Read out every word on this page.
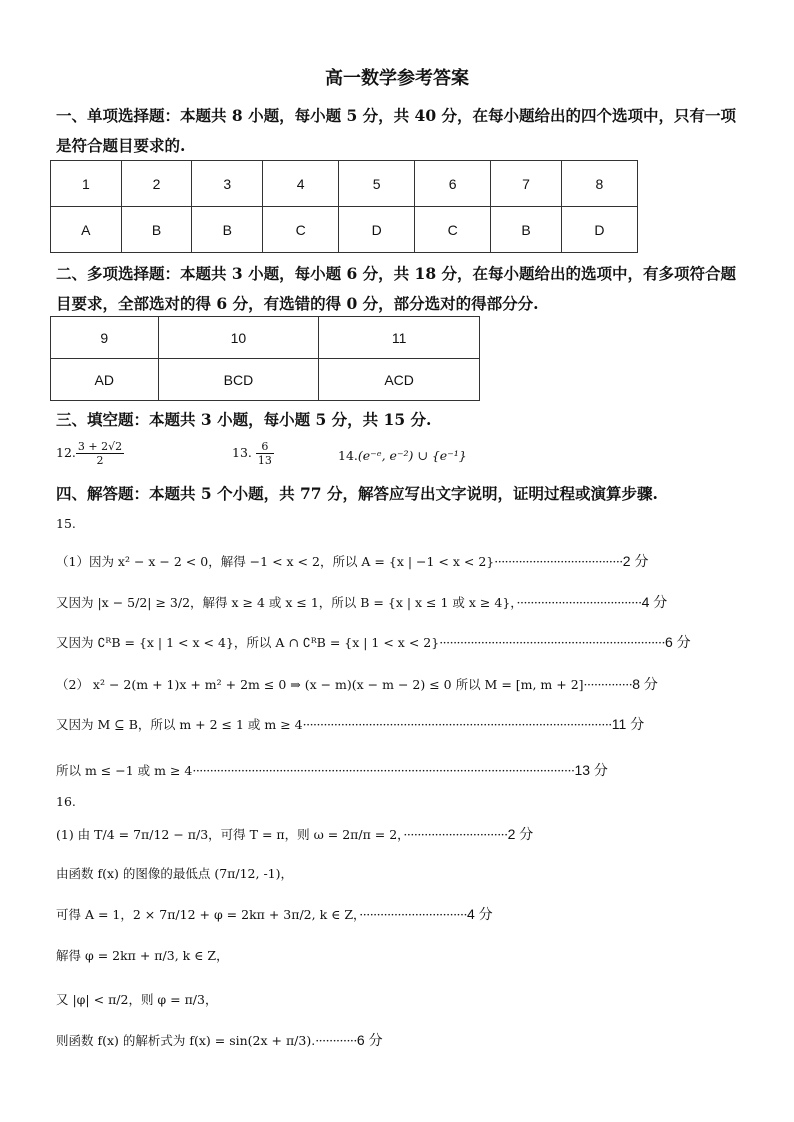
高一数学参考答案
一、单项选择题：本题共 8 小题，每小题 5 分，共 40 分，在每小题给出的四个选项中，只有一项
是符合题目要求的.
1	2	3	4	5	6	7	8
A	B	B	C	D	C	B	D
二、多项选择题：本题共 3 小题，每小题 6 分，共 18 分，在每小题给出的选项中，有多项符合题
目要求，全部选对的得 6 分，有选错的得 0 分，部分选对的得部分分.
9	10	11
AD	BCD	ACD
三、填空题：本题共 3 小题，每小题 5 分，共 15 分.
12. $\frac{3 + 2√2}{2}$	13. $\frac{6}{13}$	14.(e⁻ᵉ, e⁻²) ∪ {e⁻¹}
四、解答题：本题共 5 个小题，共 77 分，解答应写出文字说明，证明过程或演算步骤.
15.
（1）因为 x² − x − 2 < 0，解得 −1 < x < 2，所以 A = {x | −1 < x < 2}·····································2 分
又因为 |x − 5/2| ≥ 3/2，解得 x ≥ 4 或 x ≤ 1，所以 B = {x | x ≤ 1 或 x ≥ 4}，····································4 分
又因为 ∁ᴿB = {x | 1 < x < 4}，所以 A ∩ ∁ᴿB = {x | 1 < x < 2}·································································6 分
（2） x² − 2(m + 1)x + m² + 2m ≤ 0 ⇒ (x − m)(x − m − 2) ≤ 0 所以 M = [m, m + 2]··············8 分
又因为 M ⊆ B，所以 m + 2 ≤ 1 或 m ≥ 4·························································································11 分
所以 m ≤ −1 或 m ≥ 4··············································································································13 分
16.
(1) 由 T/4 = 7π/12 − π/3，可得 T = π，则 ω = 2π/π = 2，······························2 分
由函数 f(x) 的图像的最低点 (7π/12, -1)，
可得 A = 1，2 × 7π/12 + φ = 2kπ + 3π/2, k ∈ Z，·······························4 分
解得 φ = 2kπ + π/3, k ∈ Z，
又 |φ| < π/2，则 φ = π/3，
则函数 f(x) 的解析式为 f(x) = sin(2x + π/3).············6 分
